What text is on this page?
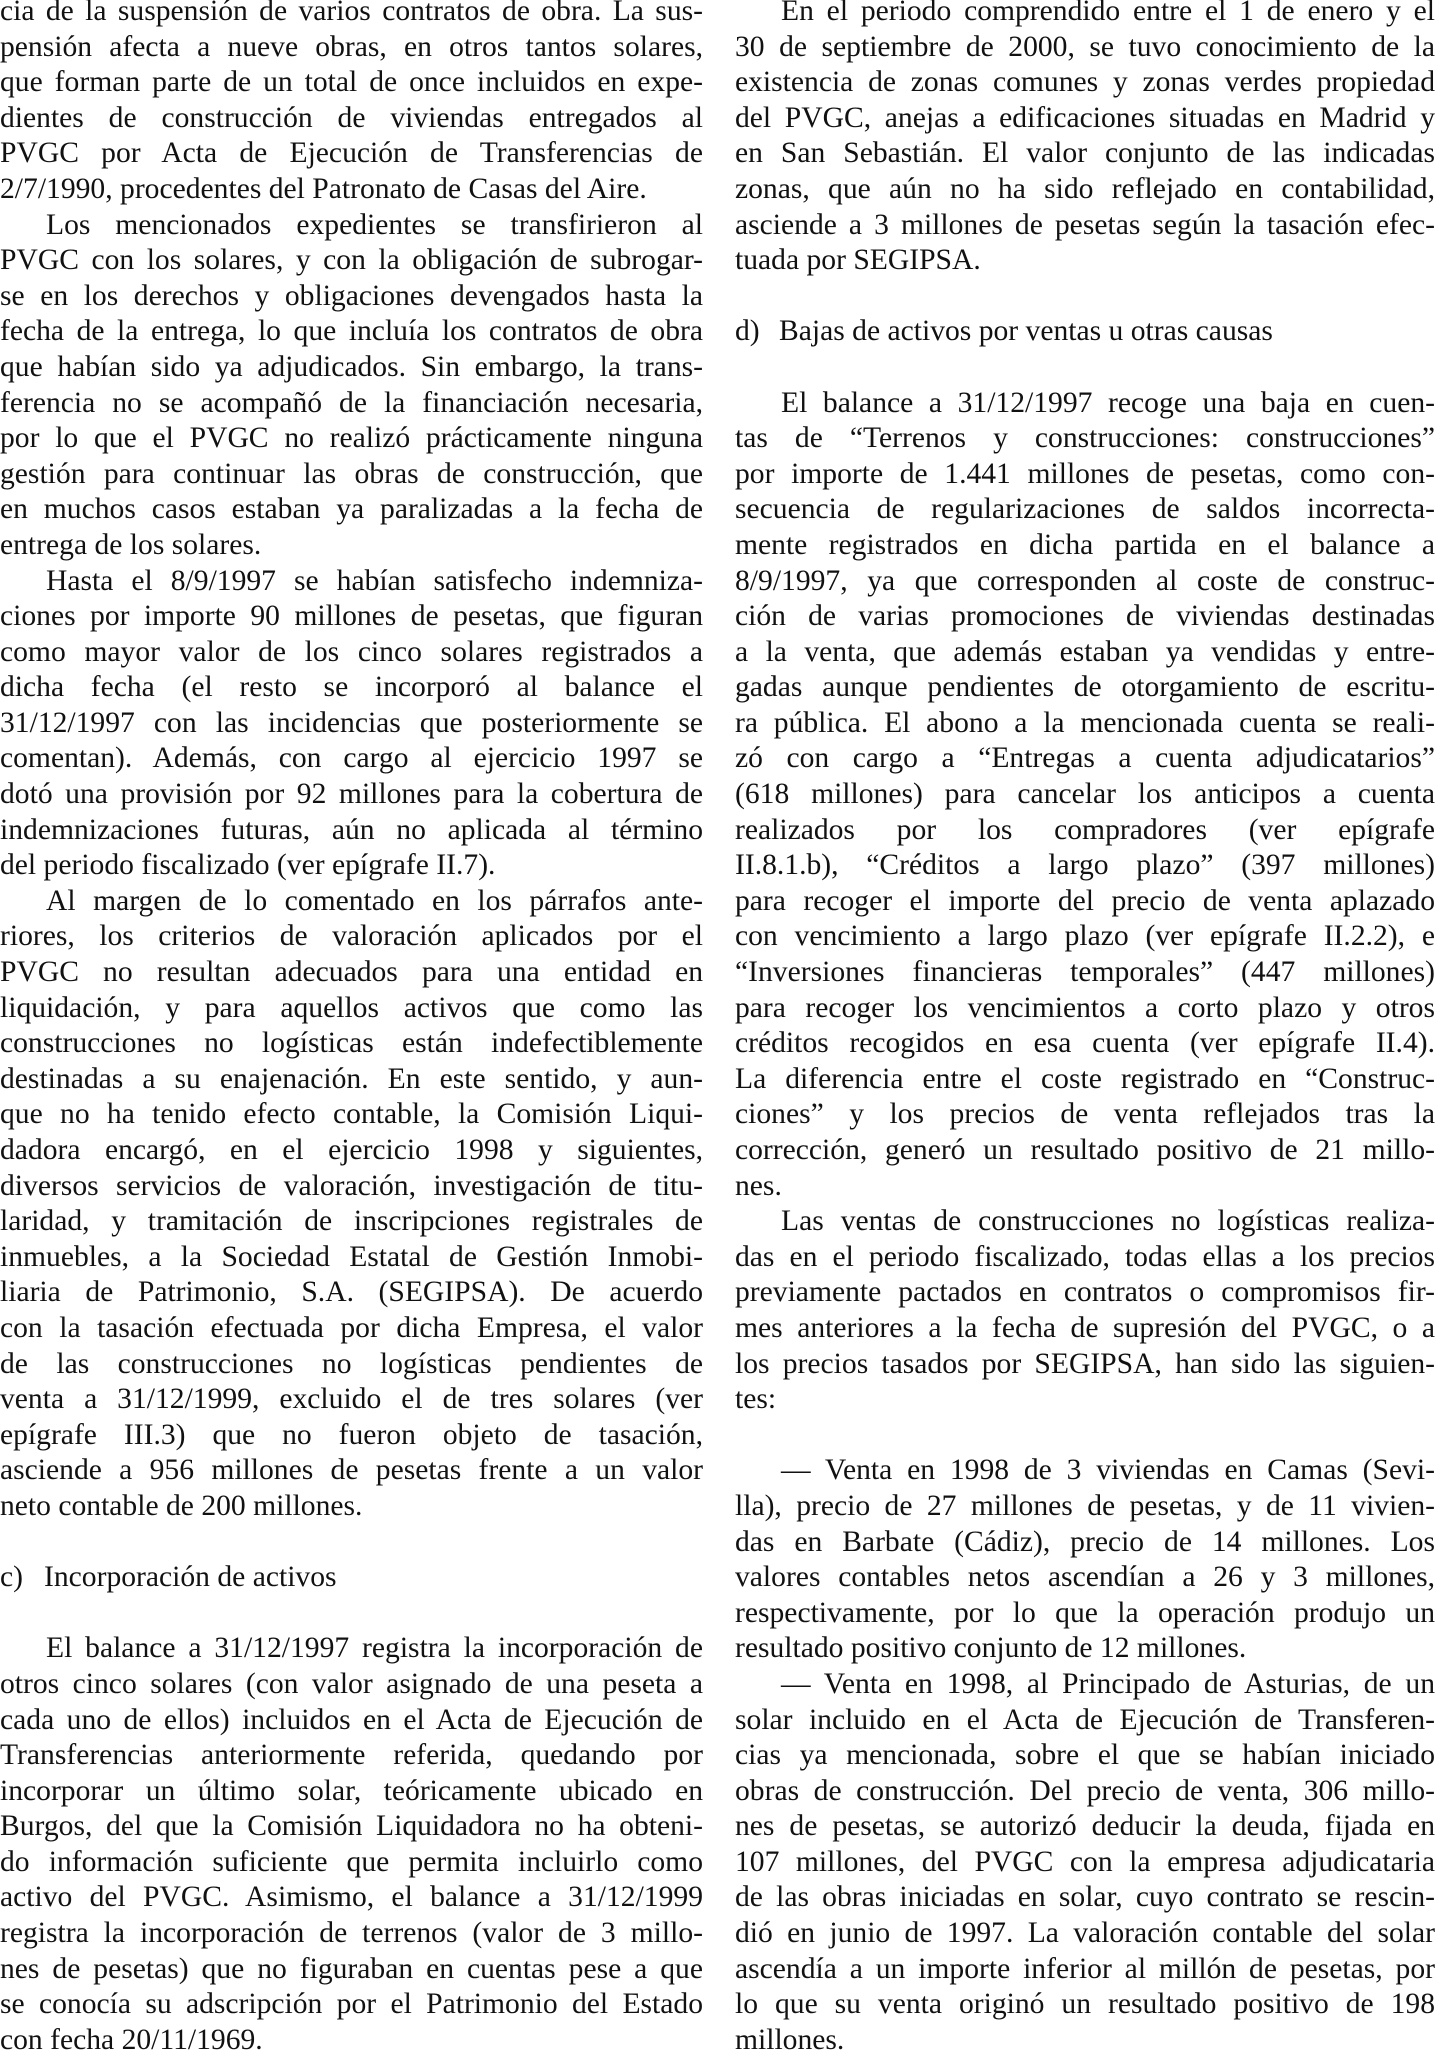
cia de la suspensión de varios contratos de obra. La sus-
pensión afecta a nueve obras, en otros tantos solares,
que forman parte de un total de once incluidos en expe-
dientes de construcción de viviendas entregados al
PVGC por Acta de Ejecución de Transferencias de
2/7/1990, procedentes del Patronato de Casas del Aire.

Los mencionados expedientes se transfirieron al
PVGC con los solares, y con la obligación de subrogar-
se en los derechos y obligaciones devengados hasta la
fecha de la entrega, lo que incluía los contratos de obra
que habían sido ya adjudicados. Sin embargo, la trans-
ferencia no se acompañó de la financiación necesaria,
por lo que el PVGC no realizó prácticamente ninguna
gestión para continuar las obras de construcción, que
en muchos casos estaban ya paralizadas a la fecha de
entrega de los solares.

Hasta el 8/9/1997 se habían satisfecho indemniza-
ciones por importe 90 millones de pesetas, que figuran
como mayor valor de los cinco solares registrados a
dicha fecha (el resto se incorporó al balance el
31/12/1997 con las incidencias que posteriormente se
comentan). Además, con cargo al ejercicio 1997 se
dotó una provisión por 92 millones para la cobertura de
indemnizaciones futuras, aún no aplicada al término
del periodo fiscalizado (ver epígrafe II.7).

Al margen de lo comentado en los párrafos ante-
riores, los criterios de valoración aplicados por el
PVGC no resultan adecuados para una entidad en
liquidación, y para aquellos activos que como las
construcciones no logísticas están indefectiblemente
destinadas a su enajenación. En este sentido, y aun-
que no ha tenido efecto contable, la Comisión Liqui-
dadora encargó, en el ejercicio 1998 y siguientes,
diversos servicios de valoración, investigación de titu-
laridad, y tramitación de inscripciones registrales de
inmuebles, a la Sociedad Estatal de Gestión Inmobi-
liaria de Patrimonio, S.A. (SEGIPSA). De acuerdo
con la tasación efectuada por dicha Empresa, el valor
de las construcciones no logísticas pendientes de
venta a 31/12/1999, excluido el de tres solares (ver
epígrafe III.3) que no fueron objeto de tasación,
asciende a 956 millones de pesetas frente a un valor
neto contable de 200 millones.

c) Incorporación de activos

El balance a 31/12/1997 registra la incorporación de
otros cinco solares (con valor asignado de una peseta a
cada uno de ellos) incluidos en el Acta de Ejecución de
Transferencias anteriormente referida, quedando por
incorporar un último solar, teóricamente ubicado en
Burgos, del que la Comisión Liquidadora no ha obteni-
do información suficiente que permita incluirlo como
activo del PVGC. Asimismo, el balance a 31/12/1999
registra la incorporación de terrenos (valor de 3 millo-
nes de pesetas) que no figuraban en cuentas pese a que
se conocía su adscripción por el Patrimonio del Estado
con fecha 20/11/1969.

En el periodo comprendido entre el 1 de enero y el
30 de septiembre de 2000, se tuvo conocimiento de la
existencia de zonas comunes y zonas verdes propiedad
del PVGC, anejas a edificaciones situadas en Madrid y
en San Sebastián. El valor conjunto de las indicadas
zonas, que aún no ha sido reflejado en contabilidad,
asciende a 3 millones de pesetas según la tasación efec-
tuada por SEGIPSA.

d) Bajas de activos por ventas u otras causas

El balance a 31/12/1997 recoge una baja en cuen-
tas de “Terrenos y construcciones: construcciones”
por importe de 1.441 millones de pesetas, como con-
secuencia de regularizaciones de saldos incorrecta-
mente registrados en dicha partida en el balance a
8/9/1997, ya que corresponden al coste de construc-
ción de varias promociones de viviendas destinadas
a la venta, que además estaban ya vendidas y entre-
gadas aunque pendientes de otorgamiento de escritu-
ra pública. El abono a la mencionada cuenta se reali-
zó con cargo a “Entregas a cuenta adjudicatarios”
(618 millones) para cancelar los anticipos a cuenta
realizados por los compradores (ver epígrafe
II.8.1.b), “Créditos a largo plazo” (397 millones)
para recoger el importe del precio de venta aplazado
con vencimiento a largo plazo (ver epígrafe II.2.2), e
“Inversiones financieras temporales” (447 millones)
para recoger los vencimientos a corto plazo y otros
créditos recogidos en esa cuenta (ver epígrafe II.4).
La diferencia entre el coste registrado en “Construc-
ciones” y los precios de venta reflejados tras la
corrección, generó un resultado positivo de 21 millo-
nes.

Las ventas de construcciones no logísticas realiza-
das en el periodo fiscalizado, todas ellas a los precios
previamente pactados en contratos o compromisos fir-
mes anteriores a la fecha de supresión del PVGC, o a
los precios tasados por SEGIPSA, han sido las siguien-
tes:

— Venta en 1998 de 3 viviendas en Camas (Sevi-
lla), precio de 27 millones de pesetas, y de 11 vivien-
das en Barbate (Cádiz), precio de 14 millones. Los
valores contables netos ascendían a 26 y 3 millones,
respectivamente, por lo que la operación produjo un
resultado positivo conjunto de 12 millones.

— Venta en 1998, al Principado de Asturias, de un
solar incluido en el Acta de Ejecución de Transferen-
cias ya mencionada, sobre el que se habían iniciado
obras de construcción. Del precio de venta, 306 millo-
nes de pesetas, se autorizó deducir la deuda, fijada en
107 millones, del PVGC con la empresa adjudicataria
de las obras iniciadas en solar, cuyo contrato se rescin-
dió en junio de 1997. La valoración contable del solar
ascendía a un importe inferior al millón de pesetas, por
lo que su venta originó un resultado positivo de 198
millones.
